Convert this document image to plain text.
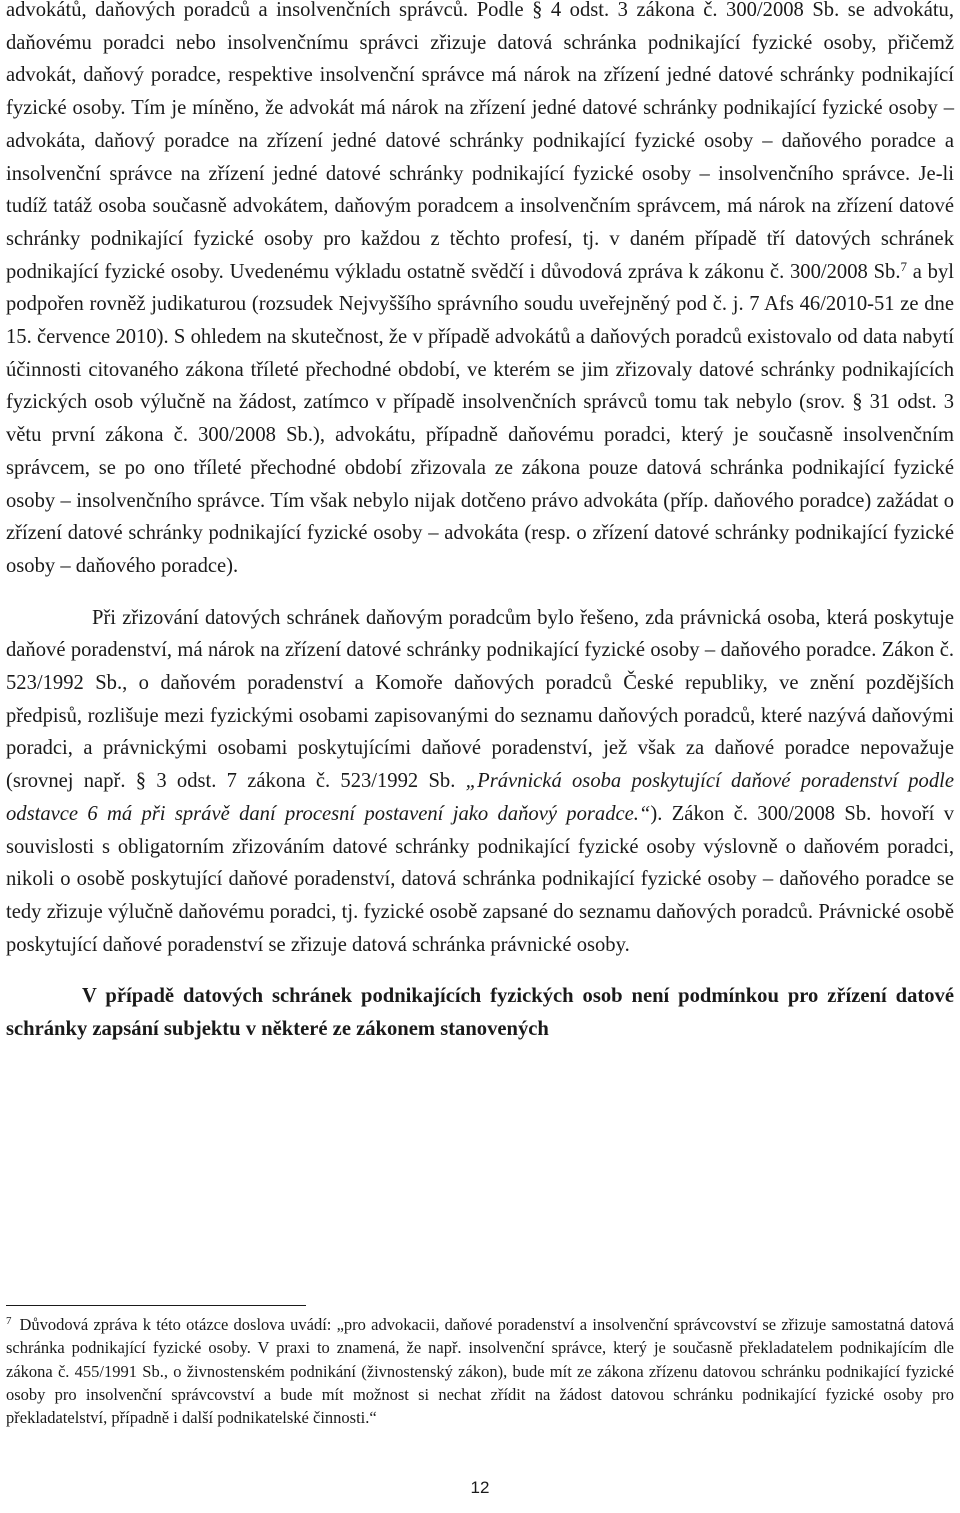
advokátů, daňových poradců a insolvenčních správců. Podle § 4 odst. 3 zákona č. 300/2008 Sb. se advokátu, daňovému poradci nebo insolvenčnímu správci zřizuje datová schránka podnikající fyzické osoby, přičemž advokát, daňový poradce, respektive insolvenční správce má nárok na zřízení jedné datové schránky podnikající fyzické osoby. Tím je míněno, že advokát má nárok na zřízení jedné datové schránky podnikající fyzické osoby – advokáta, daňový poradce na zřízení jedné datové schránky podnikající fyzické osoby – daňového poradce a insolvenční správce na zřízení jedné datové schránky podnikající fyzické osoby – insolvenčního správce. Je-li tudíž tatáž osoba současně advokátem, daňovým poradcem a insolvenčním správcem, má nárok na zřízení datové schránky podnikající fyzické osoby pro každou z těchto profesí, tj. v daném případě tří datových schránek podnikající fyzické osoby. Uvedenému výkladu ostatně svědčí i důvodová zpráva k zákonu č. 300/2008 Sb.$^7$ a byl podpořen rovněž judikaturou (rozsudek Nejvyššího správního soudu uveřejněný pod č. j. 7 Afs 46/2010-51 ze dne 15. července 2010). S ohledem na skutečnost, že v případě advokátů a daňových poradců existovalo od data nabytí účinnosti citovaného zákona tříleté přechodné období, ve kterém se jim zřizovaly datové schránky podnikajících fyzických osob výlučně na žádost, zatímco v případě insolvenčních správců tomu tak nebylo (srov. § 31 odst. 3 větu první zákona č. 300/2008 Sb.), advokátu, případně daňovému poradci, který je současně insolvenčním správcem, se po ono tříleté přechodné období zřizovala ze zákona pouze datová schránka podnikající fyzické osoby – insolvenčního správce. Tím však nebylo nijak dotčeno právo advokáta (příp. daňového poradce) zažádat o zřízení datové schránky podnikající fyzické osoby – advokáta (resp. o zřízení datové schránky podnikající fyzické osoby – daňového poradce).

Při zřizování datových schránek daňovým poradcům bylo řešeno, zda právnická osoba, která poskytuje daňové poradenství, má nárok na zřízení datové schránky podnikající fyzické osoby – daňového poradce. Zákon č. 523/1992 Sb., o daňovém poradenství a Komoře daňových poradců České republiky, ve znění pozdějších předpisů, rozlišuje mezi fyzickými osobami zapisovanými do seznamu daňových poradců, které nazývá daňovými poradci, a právnickými osobami poskytujícími daňové poradenství, jež však za daňové poradce nepovažuje (srovnej např. § 3 odst. 7 zákona č. 523/1992 Sb. „Právnická osoba poskytující daňové poradenství podle odstavce 6 má při správě daní procesní postavení jako daňový poradce.“). Zákon č. 300/2008 Sb. hovoří v souvislosti s obligatorním zřizováním datové schránky podnikající fyzické osoby výslovně o daňovém poradci, nikoli o osobě poskytující daňové poradenství, datová schránka podnikající fyzické osoby – daňového poradce se tedy zřizuje výlučně daňovému poradci, tj. fyzické osobě zapsané do seznamu daňových poradců. Právnické osobě poskytující daňové poradenství se zřizuje datová schránka právnické osoby.

V případě datových schránek podnikajících fyzických osob není podmínkou pro zřízení datové schránky zapsání subjektu v některé ze zákonem stanovených

$^7$ Důvodová zpráva k této otázce doslova uvádí: „pro advokacii, daňové poradenství a insolvenční správcovství se zřizuje samostatná datová schránka podnikající fyzické osoby. V praxi to znamená, že např. insolvenční správce, který je současně překladatelem podnikajícím dle zákona č. 455/1991 Sb., o živnostenském podnikání (živnostenský zákon), bude mít ze zákona zřízenu datovou schránku podnikající fyzické osoby pro insolvenční správcovství a bude mít možnost si nechat zřídit na žádost datovou schránku podnikající fyzické osoby pro překladatelství, případně i další podnikatelské činnosti.“

12
